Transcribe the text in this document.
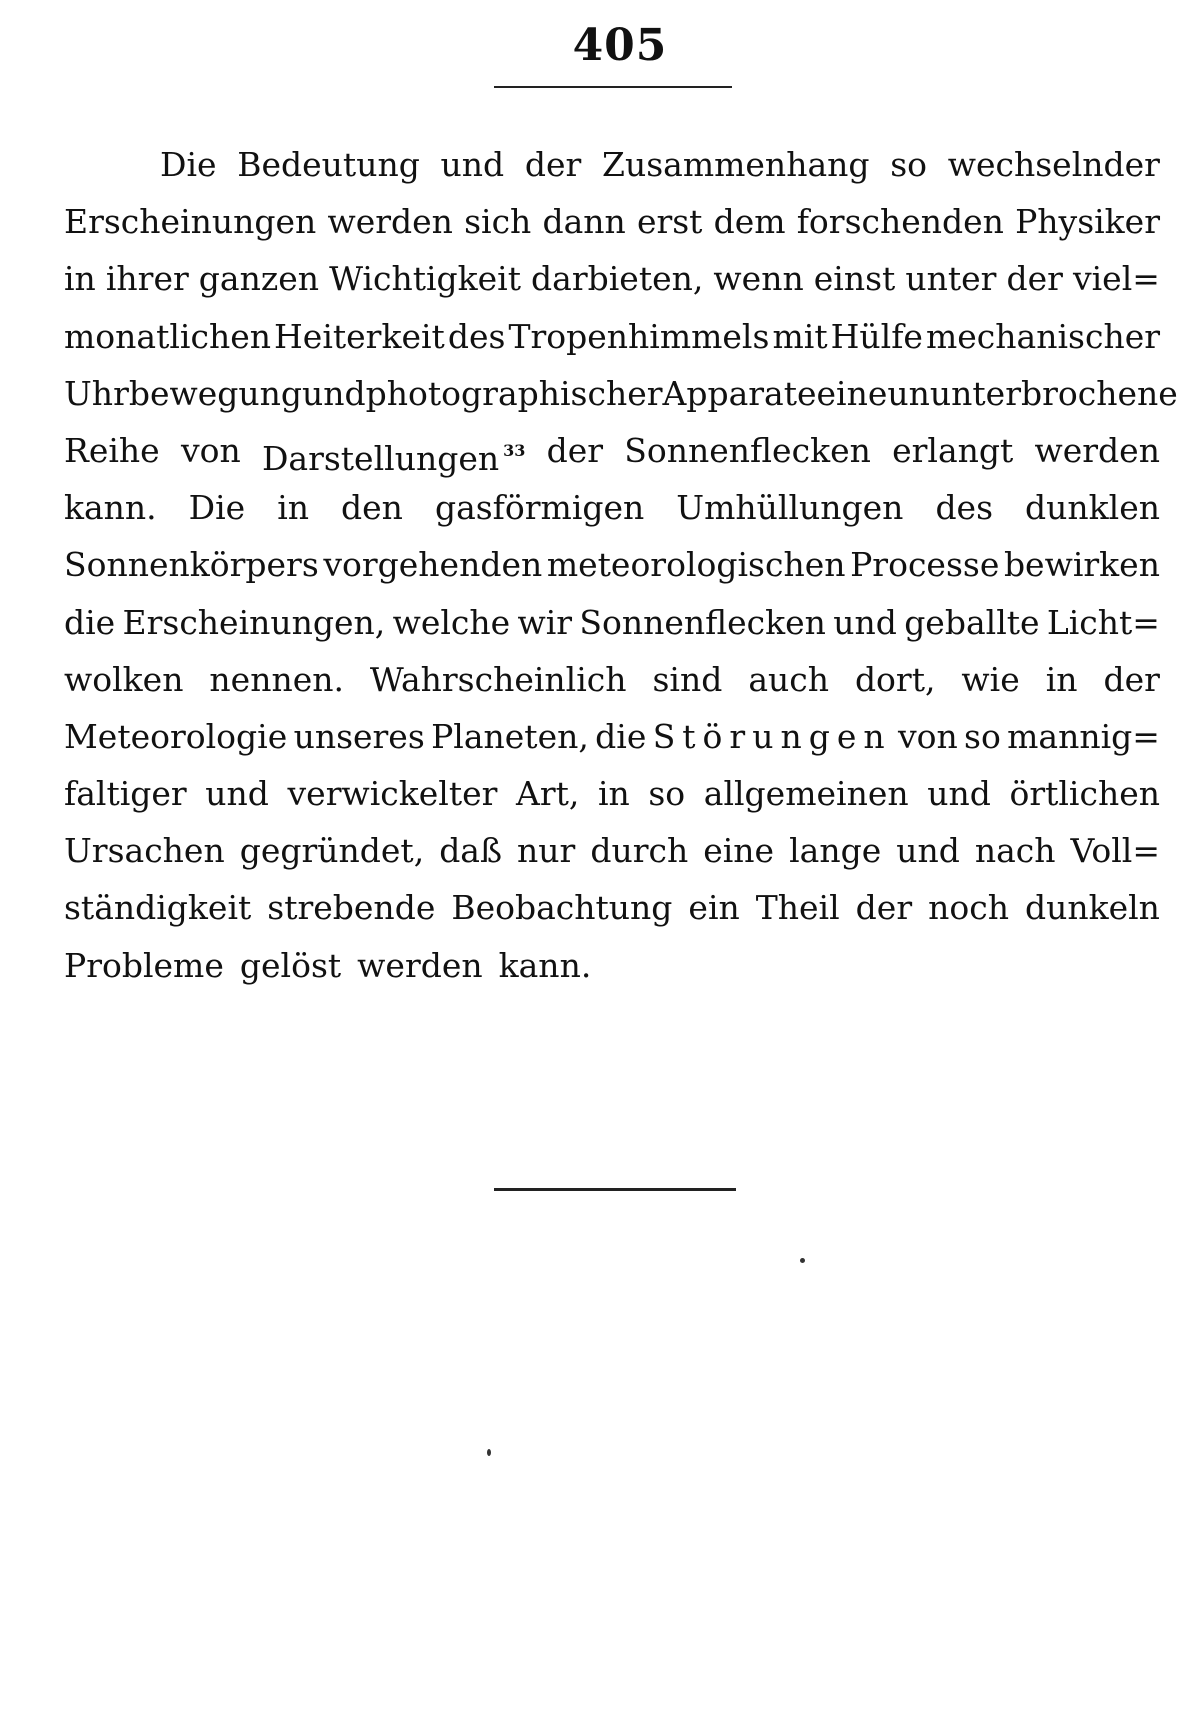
405
Die Bedeutung und der Zusammenhang so wechselnder
Erscheinungen werden sich dann erst dem forschenden Physiker
in ihrer ganzen Wichtigkeit darbieten, wenn einst unter der viel=
monatlichen Heiterkeit des Tropenhimmels mit Hülfe mechanischer
Uhrbewegung und photographischer Apparate eine ununterbrochene
Reihe von Darstellungen $^{33}$ der Sonnenflecken erlangt werden
kann. Die in den gasförmigen Umhüllungen des dunklen
Sonnenkörpers vorgehenden meteorologischen Processe bewirken
die Erscheinungen, welche wir Sonnenflecken und geballte Licht=
wolken nennen. Wahrscheinlich sind auch dort, wie in der
Meteorologie unseres Planeten, die Störungen von so mannig=
faltiger und verwickelter Art, in so allgemeinen und örtlichen
Ursachen gegründet, daß nur durch eine lange und nach Voll=
ständigkeit strebende Beobachtung ein Theil der noch dunkeln
Probleme gelöst werden kann.
